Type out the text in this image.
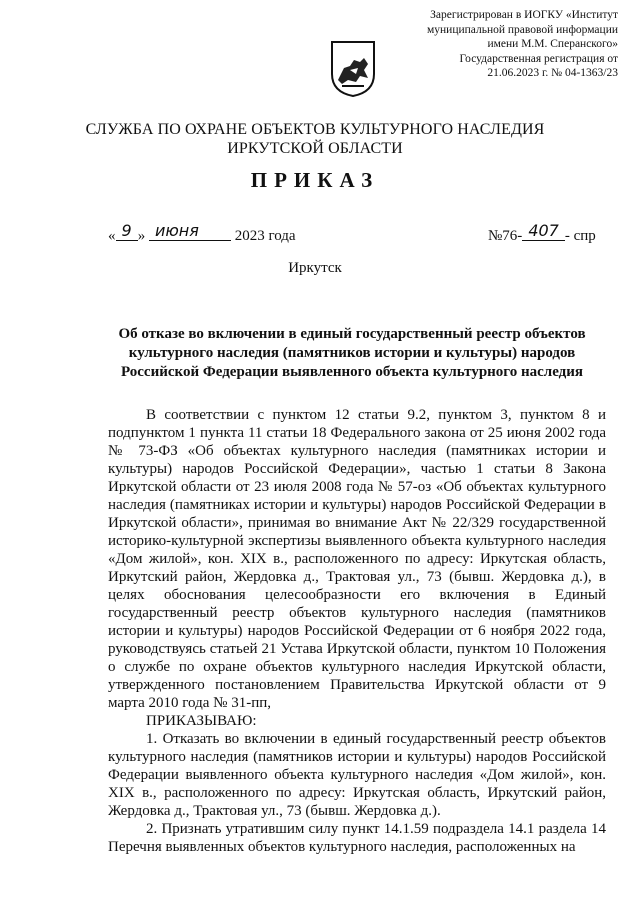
Зарегистрирован в ИОГКУ «Институт
муниципальной правовой информации
имени М.М. Сперанского»
Государственная регистрация от
21.06.2023 г. № 04-1363/23
СЛУЖБА ПО ОХРАНЕ ОБЪЕКТОВ КУЛЬТУРНОГО НАСЛЕДИЯ
ИРКУТСКОЙ ОБЛАСТИ
ПРИКАЗ
« 9 » июня 2023 года	№76- 407 - спр
Иркутск
Об отказе во включении в единый государственный реестр объектов
культурного наследия (памятников истории и культуры) народов
Российской Федерации выявленного объекта культурного наследия

В соответствии с пунктом 12 статьи 9.2, пунктом 3, пунктом 8 и подпунктом 1 пункта 11 статьи 18 Федерального закона от 25 июня 2002 года № 73-ФЗ «Об объектах культурного наследия (памятниках истории и культуры) народов Российской Федерации», частью 1 статьи 8 Закона Иркутской области от 23 июля 2008 года № 57-оз «Об объектах культурного наследия (памятниках истории и культуры) народов Российской Федерации в Иркутской области», принимая во внимание Акт № 22/329 государственной историко-культурной экспертизы выявленного объекта культурного наследия «Дом жилой», кон. XIX в., расположенного по адресу: Иркутская область, Иркутский район, Жердовка д., Трактовая ул., 73 (бывш. Жердовка д.), в целях обоснования целесообразности его включения в Единый государственный реестр объектов культурного наследия (памятников истории и культуры) народов Российской Федерации от 6 ноября 2022 года, руководствуясь статьей 21 Устава Иркутской области, пунктом 10 Положения о службе по охране объектов культурного наследия Иркутской области, утвержденного постановлением Правительства Иркутской области от 9 марта 2010 года № 31-пп,

ПРИКАЗЫВАЮ:

1. Отказать во включении в единый государственный реестр объектов культурного наследия (памятников истории и культуры) народов Российской Федерации выявленного объекта культурного наследия «Дом жилой», кон. XIX в., расположенного по адресу: Иркутская область, Иркутский район, Жердовка д., Трактовая ул., 73 (бывш. Жердовка д.).

2. Признать утратившим силу пункт 14.1.59 подраздела 14.1 раздела 14 Перечня выявленных объектов культурного наследия, расположенных на
